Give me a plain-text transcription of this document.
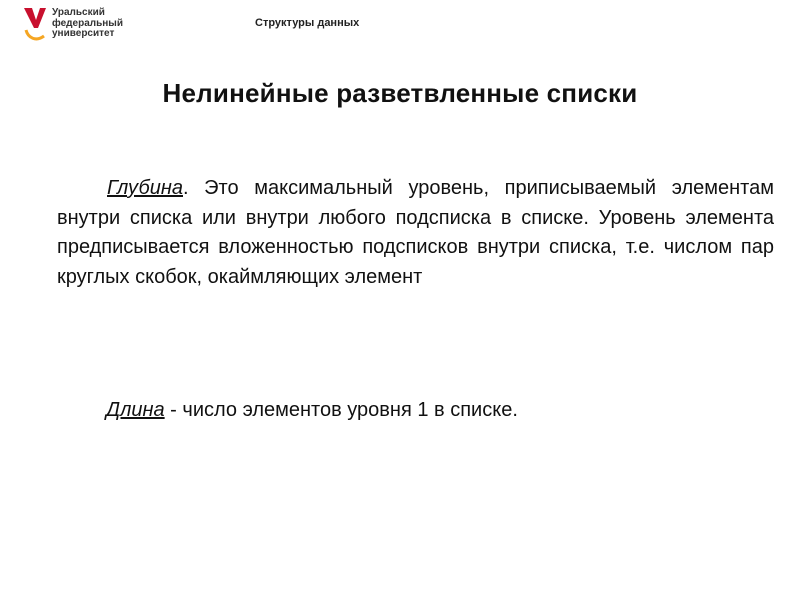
Уральский
федеральный
университет
Структуры данных
Нелинейные разветвленные списки
Глубина. Это максимальный уровень, приписываемый элементам внутри списка или внутри любого подсписка в списке. Уровень элемента предписывается вложенностью подсписков внутри списка, т.е. числом пар круглых скобок, окаймляющих элемент
Длина - число элементов уровня 1 в списке.
